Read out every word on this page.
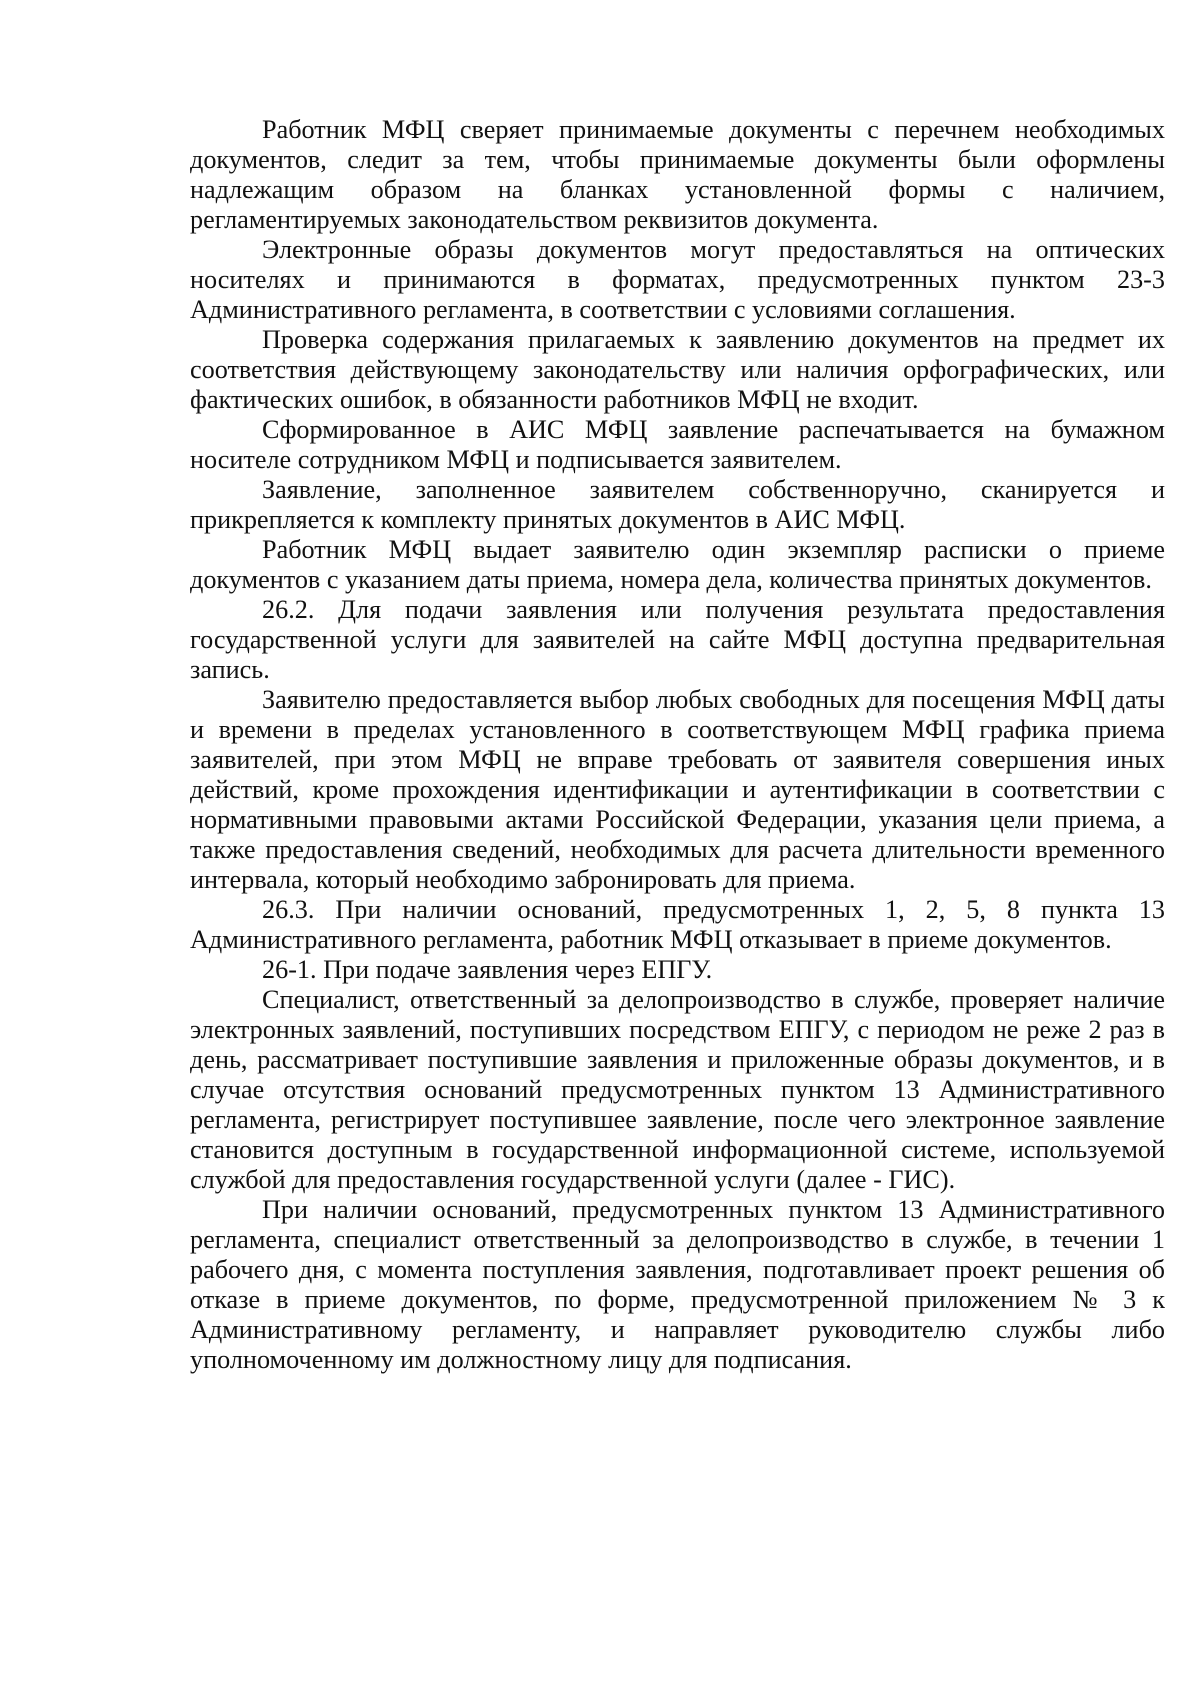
Работник МФЦ сверяет принимаемые документы с перечнем необходимых документов, следит за тем, чтобы принимаемые документы были оформлены надлежащим образом на бланках установленной формы с наличием, регламентируемых законодательством реквизитов документа.

Электронные образы документов могут предоставляться на оптических носителях и принимаются в форматах, предусмотренных пунктом 23-3 Административного регламента, в соответствии с условиями соглашения.

Проверка содержания прилагаемых к заявлению документов на предмет их соответствия действующему законодательству или наличия орфографических, или фактических ошибок, в обязанности работников МФЦ не входит.

Сформированное в АИС МФЦ заявление распечатывается на бумажном носителе сотрудником МФЦ и подписывается заявителем.

Заявление, заполненное заявителем собственноручно, сканируется и прикрепляется к комплекту принятых документов в АИС МФЦ.

Работник МФЦ выдает заявителю один экземпляр расписки о приеме документов с указанием даты приема, номера дела, количества принятых документов.

26.2. Для подачи заявления или получения результата предоставления государственной услуги для заявителей на сайте МФЦ доступна предварительная запись.

Заявителю предоставляется выбор любых свободных для посещения МФЦ даты и времени в пределах установленного в соответствующем МФЦ графика приема заявителей, при этом МФЦ не вправе требовать от заявителя совершения иных действий, кроме прохождения идентификации и аутентификации в соответствии с нормативными правовыми актами Российской Федерации, указания цели приема, а также предоставления сведений, необходимых для расчета длительности временного интервала, который необходимо забронировать для приема.

26.3. При наличии оснований, предусмотренных 1, 2, 5, 8 пункта 13 Административного регламента, работник МФЦ отказывает в приеме документов.

26-1. При подаче заявления через ЕПГУ.

Специалист, ответственный за делопроизводство в службе, проверяет наличие электронных заявлений, поступивших посредством ЕПГУ, с периодом не реже 2 раз в день, рассматривает поступившие заявления и приложенные образы документов, и в случае отсутствия оснований предусмотренных пунктом 13 Административного регламента, регистрирует поступившее заявление, после чего электронное заявление становится доступным в государственной информационной системе, используемой службой для предоставления государственной услуги (далее - ГИС).

При наличии оснований, предусмотренных пунктом 13 Административного регламента, специалист ответственный за делопроизводство в службе, в течении 1 рабочего дня, с момента поступления заявления, подготавливает проект решения об отказе в приеме документов, по форме, предусмотренной приложением № 3 к Административному регламенту, и направляет руководителю службы либо уполномоченному им должностному лицу для подписания.
